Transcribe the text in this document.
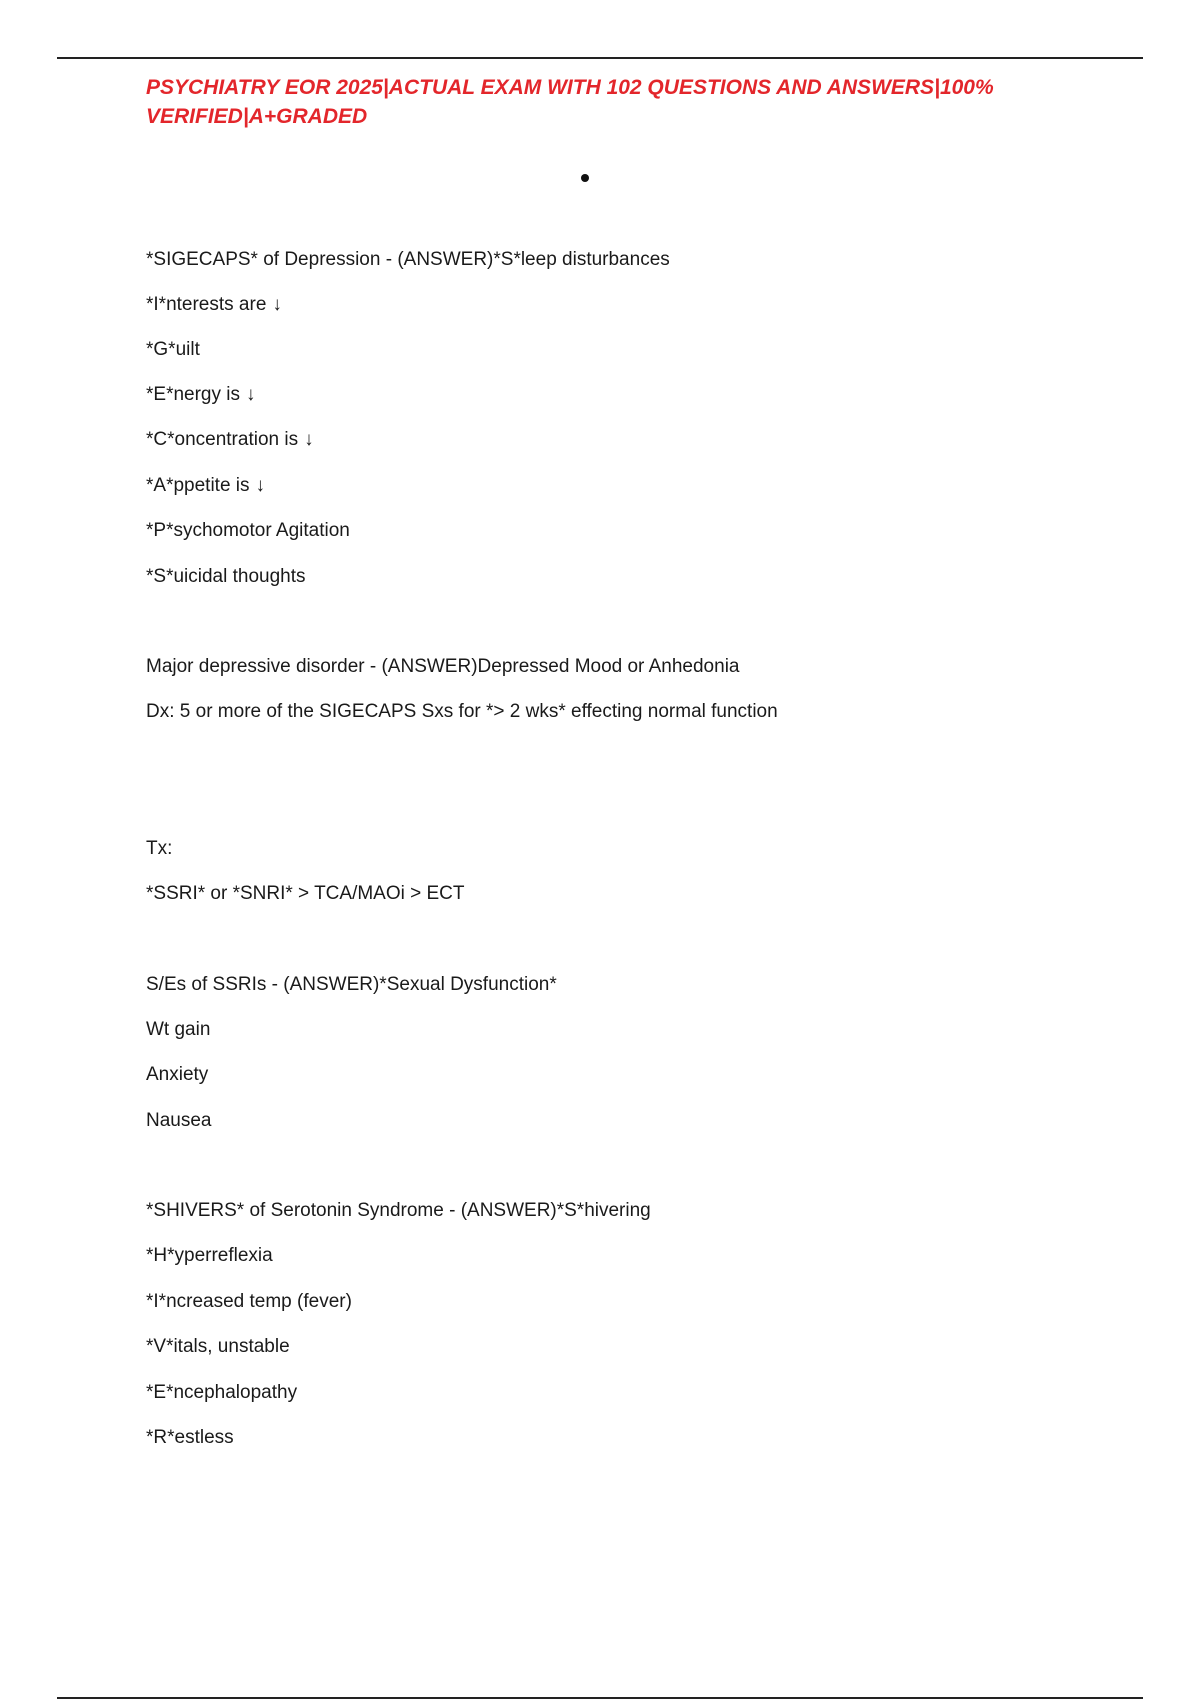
PSYCHIATRY EOR 2025|ACTUAL EXAM WITH 102 QUESTIONS AND ANSWERS|100% VERIFIED|A+GRADED

*SIGECAPS* of Depression - (ANSWER)*S*leep disturbances

*I*nterests are ↓

*G*uilt

*E*nergy is ↓

*C*oncentration is ↓

*A*ppetite is ↓

*P*sychomotor Agitation

*S*uicidal thoughts

Major depressive disorder - (ANSWER)Depressed Mood or Anhedonia

Dx: 5 or more of the SIGECAPS Sxs for *> 2 wks* effecting normal function

Tx:

*SSRI* or *SNRI* > TCA/MAOi > ECT

S/Es of SSRIs - (ANSWER)*Sexual Dysfunction*

Wt gain

Anxiety

Nausea

*SHIVERS* of Serotonin Syndrome - (ANSWER)*S*hivering

*H*yperreflexia

*I*ncreased temp (fever)

*V*itals, unstable

*E*ncephalopathy

*R*estless
